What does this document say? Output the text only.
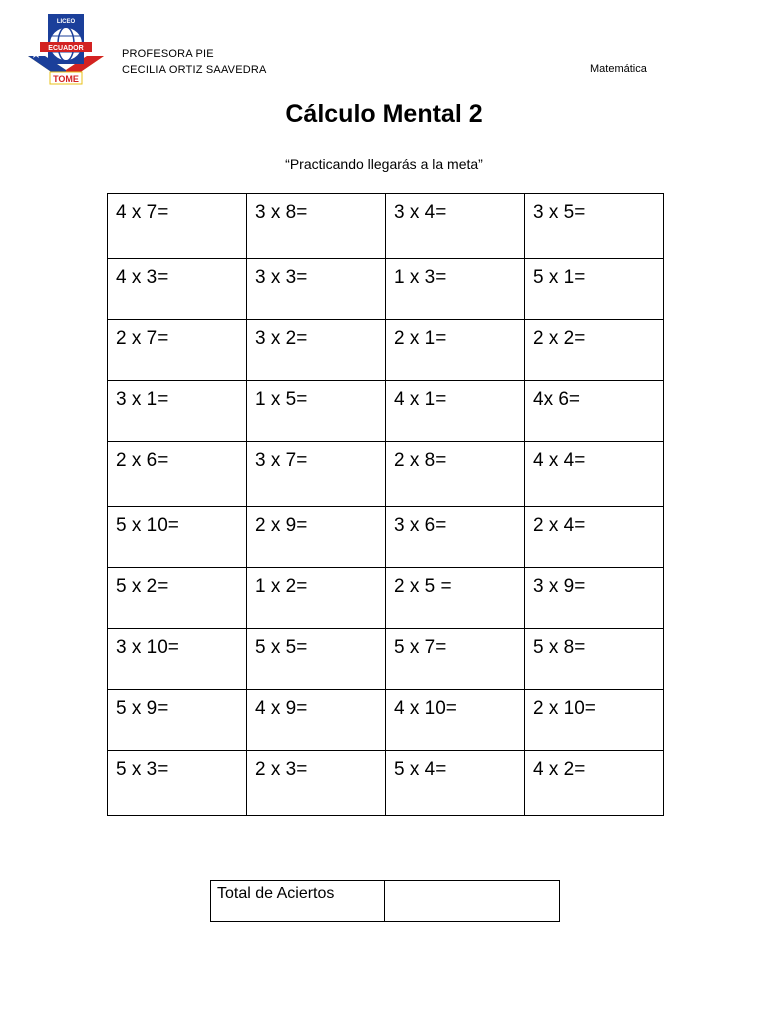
LICEO
ECUADOR
TOME
PROFESORA PIE
CECILIA ORTIZ SAAVEDRA	Matemática
Cálculo Mental 2
“Practicando llegarás a la meta”
4 x 7=	3 x 8=	3 x 4=	3 x 5=

4 x 3=	3 x 3=	1 x 3=	5 x 1=

2 x 7=	3 x 2=	2 x 1=	2 x 2=

3 x 1=	1 x 5=	4 x 1=	4x 6=

2 x 6=	3 x 7=	2 x 8=	4 x 4=

5 x 10=	2 x 9=	3 x 6=	2 x 4=

5 x 2=	1 x 2=	2 x 5 =	3 x 9=

3 x 10=	5 x 5=	5 x 7=	5 x 8=

5 x 9=	4 x 9=	4 x 10=	2 x 10=

5 x 3=	2 x 3=	5 x 4=	4 x 2=
Total de Aciertos	
